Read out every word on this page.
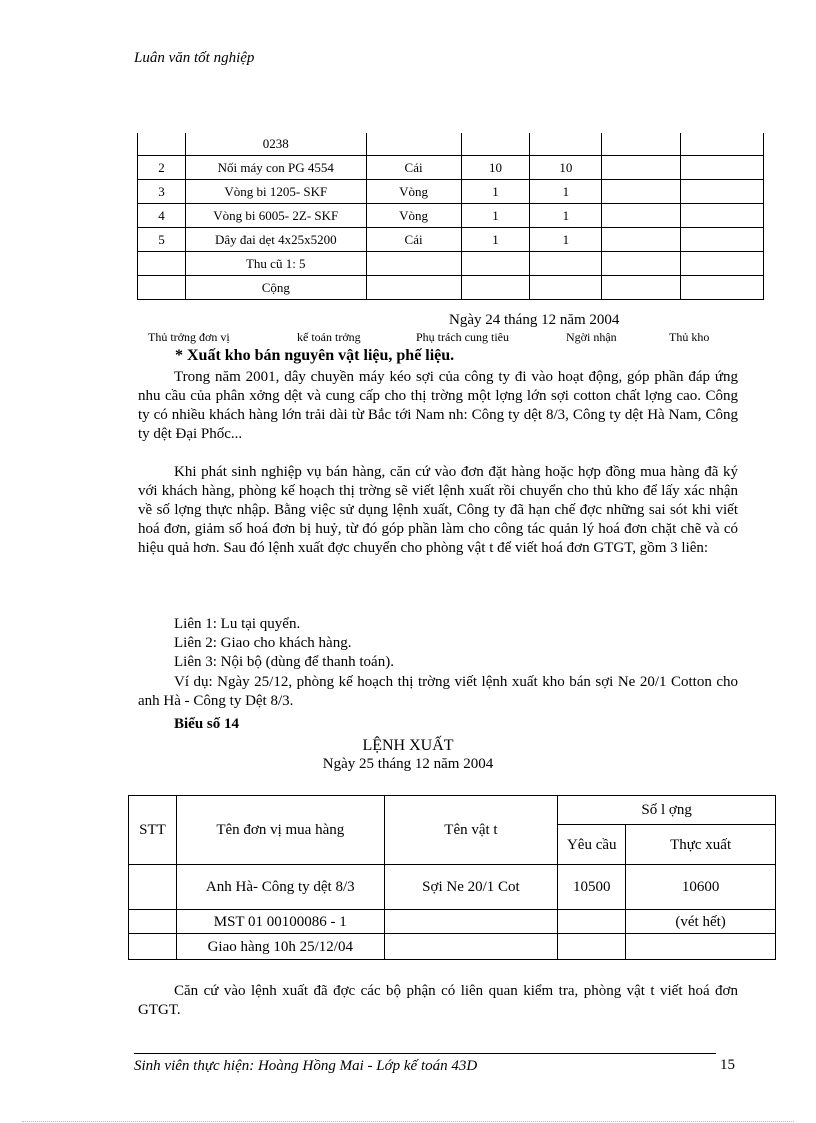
Luân văn tốt nghiệp
	0238					
2	Nối máy con PG 4554	Cái	10	10		
3	Vòng bi 1205- SKF	Vòng	1	1		
4	Vòng bi 6005- 2Z- SKF	Vòng	1	1		
5	Dây đai dẹt 4x25x5200	Cái	1	1		
	Thu cũ 1: 5					
	Cộng					
Ngày 24 tháng 12 năm 2004
Thủ trởng đơn vị	kế toán trởng	Phụ trách cung tiêu	Ngời nhận	Thủ kho
* Xuất kho bán nguyên vật liệu, phế liệu.
Trong năm 2001, dây chuyền máy kéo sợi của công ty đi vào hoạt động, góp phần đáp ứng nhu cầu của phân xởng dệt và cung cấp cho thị trờng một lợng lớn sợi cotton chất lợng cao. Công ty có nhiều khách hàng lớn trải dài từ Bắc tới Nam nh: Công ty dệt 8/3, Công ty dệt Hà Nam, Công ty dệt Đại Phốc...
Khi phát sinh nghiệp vụ bán hàng, căn cứ vào đơn đặt hàng hoặc hợp đồng mua hàng đã ký với khách hàng, phòng kế hoạch thị trờng sẽ viết lệnh xuất rồi chuyển cho thủ kho để lấy xác nhận về số lợng thực nhập. Bằng việc sử dụng lệnh xuất, Công ty đã hạn chế đợc những sai sót khi viết hoá đơn, giảm số hoá đơn bị huỷ, từ đó góp phần làm cho công tác quản lý hoá đơn chặt chẽ và có hiệu quả hơn. Sau đó lệnh xuất đợc chuyển cho phòng vật t để viết hoá đơn GTGT, gồm 3 liên:
Liên 1: Lu tại quyển.
Liên 2: Giao cho khách hàng.
Liên 3: Nội bộ (dùng để thanh toán).
Ví dụ: Ngày 25/12, phòng kế hoạch thị trờng viết lệnh xuất kho bán sợi Ne 20/1 Cotton cho anh Hà - Công ty Dệt 8/3.
Biểu số 14
LỆNH XUẤT
Ngày 25 tháng 12 năm 2004
STT	Tên đơn vị mua hàng	Tên vật t	Số l ợng	
			Yêu cầu	Thực xuất
	Anh Hà- Công ty dệt 8/3	Sợi Ne 20/1 Cot	10500	10600
	MST 01 00100086 - 1			(vét hết)
	Giao hàng 10h 25/12/04			
Căn cứ vào lệnh xuất đã đợc các bộ phận có liên quan kiểm tra, phòng vật t viết hoá đơn GTGT.
Sinh viên thực hiện: Hoàng Hồng Mai - Lớp kế toán 43D	15
